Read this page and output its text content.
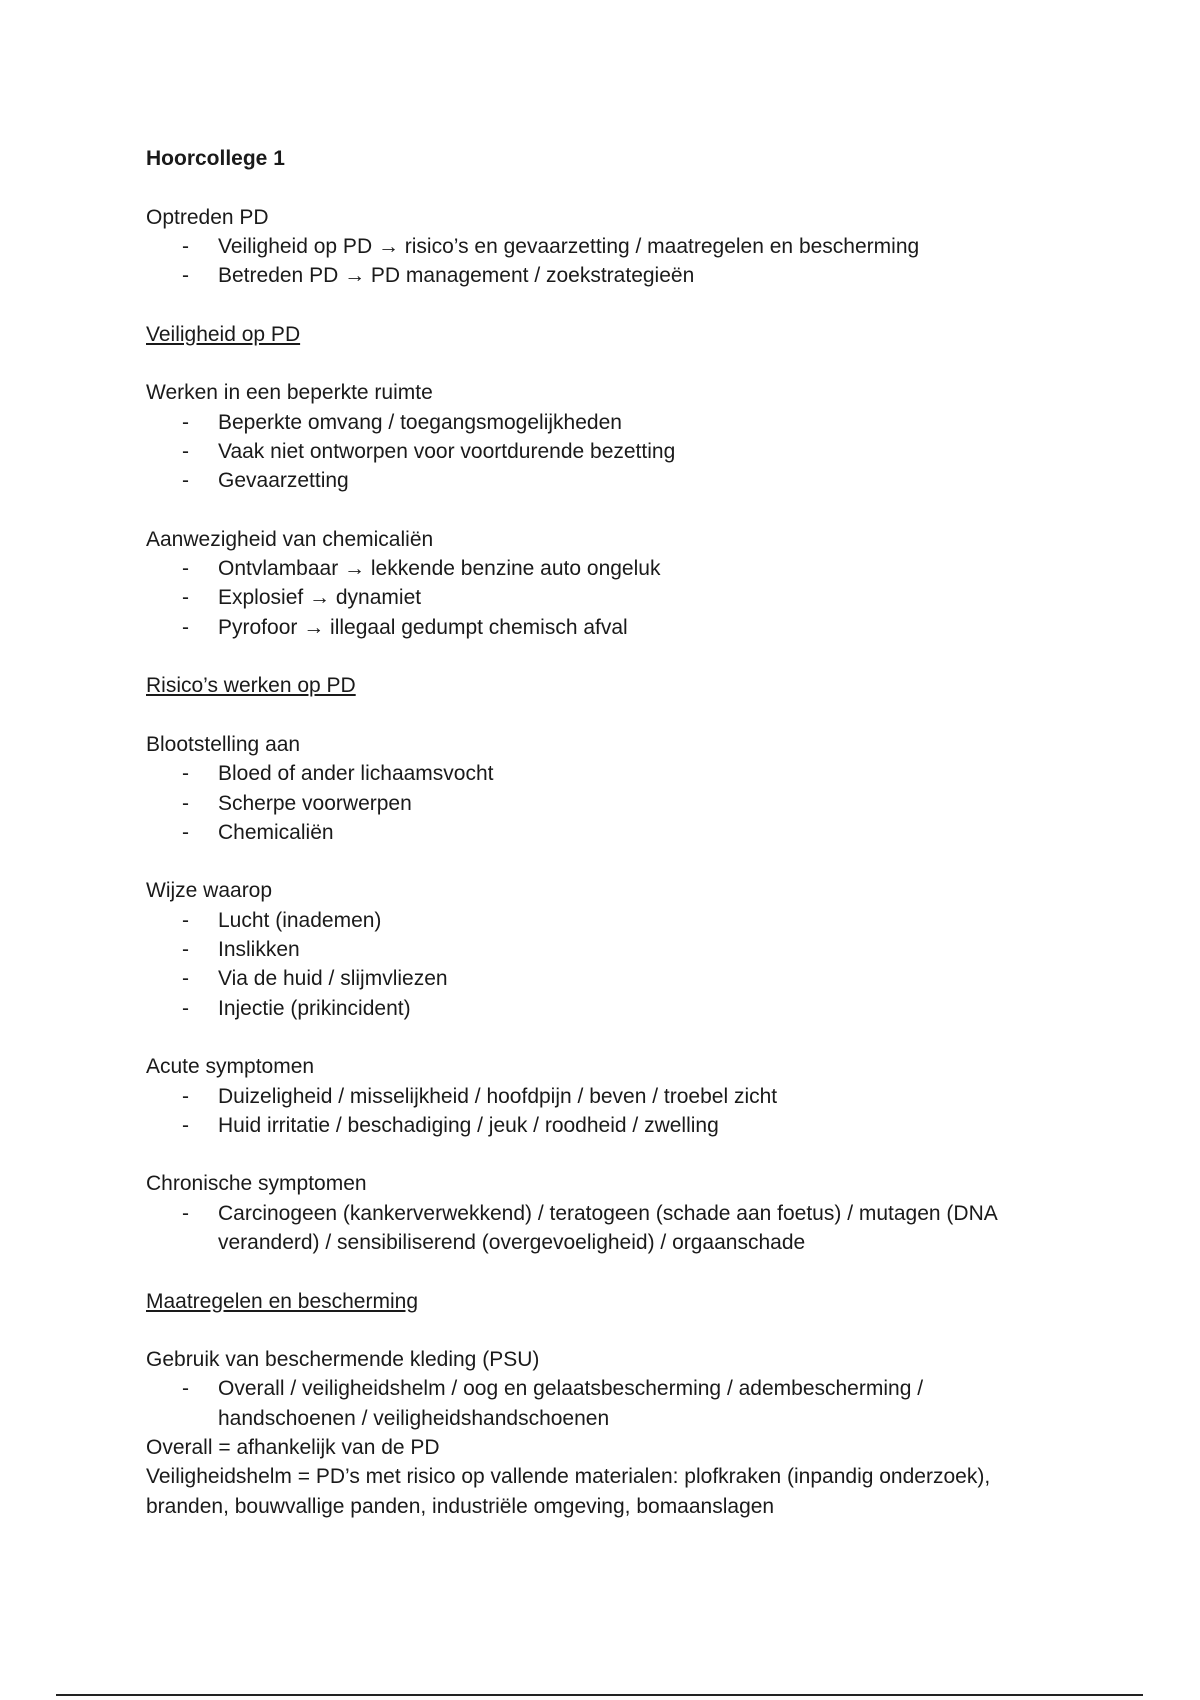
Hoorcollege 1
Optreden PD
- Veiligheid op PD → risico’s en gevaarzetting / maatregelen en bescherming
- Betreden PD → PD management / zoekstrategieën
Veiligheid op PD
Werken in een beperkte ruimte
- Beperkte omvang / toegangsmogelijkheden
- Vaak niet ontworpen voor voortdurende bezetting
- Gevaarzetting
Aanwezigheid van chemicaliën
- Ontvlambaar → lekkende benzine auto ongeluk
- Explosief → dynamiet
- Pyrofoor → illegaal gedumpt chemisch afval
Risico’s werken op PD
Blootstelling aan
- Bloed of ander lichaamsvocht
- Scherpe voorwerpen
- Chemicaliën
Wijze waarop
- Lucht (inademen)
- Inslikken
- Via de huid / slijmvliezen
- Injectie (prikincident)
Acute symptomen
- Duizeligheid / misselijkheid / hoofdpijn / beven / troebel zicht
- Huid irritatie / beschadiging / jeuk / roodheid / zwelling
Chronische symptomen
- Carcinogeen (kankerverwekkend) / teratogeen (schade aan foetus) / mutagen (DNA
veranderd) / sensibiliserend (overgevoeligheid) / orgaanschade
Maatregelen en bescherming
Gebruik van beschermende kleding (PSU)
- Overall / veiligheidshelm / oog en gelaatsbescherming / adembescherming /
handschoenen / veiligheidshandschoenen
Overall = afhankelijk van de PD
Veiligheidshelm = PD’s met risico op vallende materialen: plofkraken (inpandig onderzoek),
branden, bouwvallige panden, industriële omgeving, bomaanslagen
